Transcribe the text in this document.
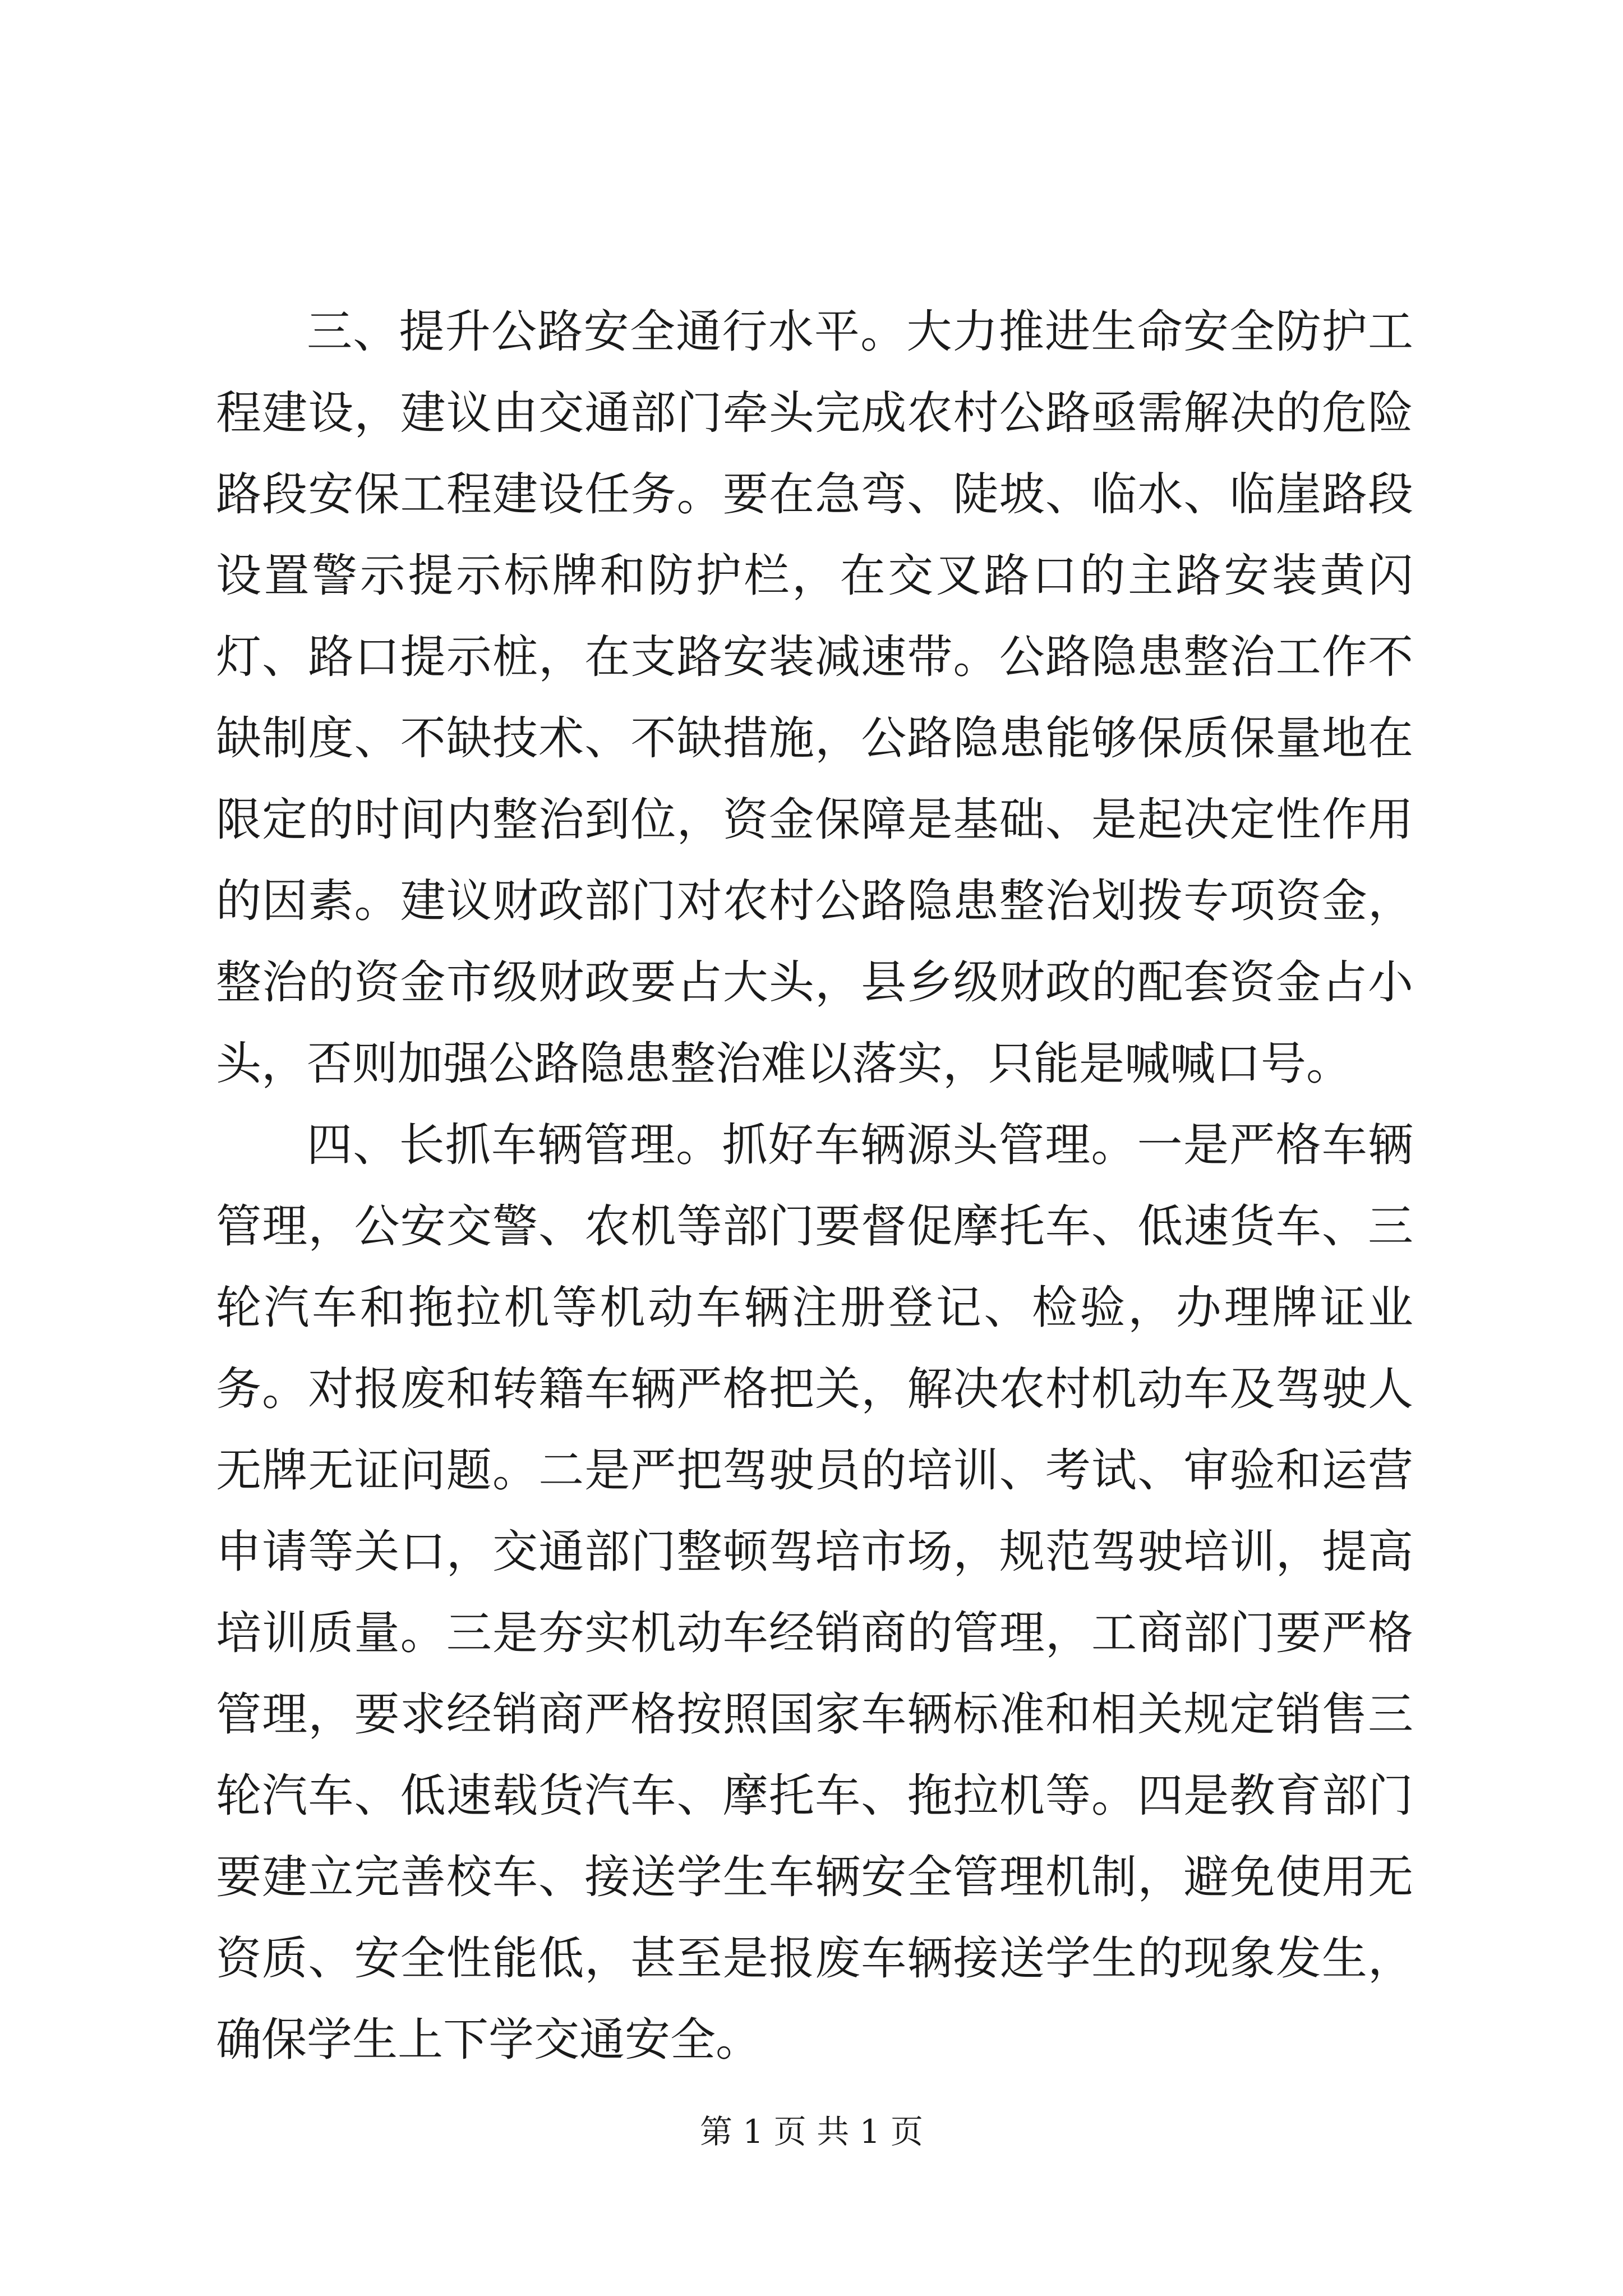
三、提升公路安全通行水平。大力推进生命安全防护工程建设，建议由交通部门牵头完成农村公路亟需解决的危险路段安保工程建设任务。要在急弯、陡坡、临水、临崖路段设置警示提示标牌和防护栏，在交叉路口的主路安装黄闪灯、路口提示桩，在支路安装减速带。公路隐患整治工作不缺制度、不缺技术、不缺措施，公路隐患能够保质保量地在限定的时间内整治到位，资金保障是基础、是起决定性作用的因素。建议财政部门对农村公路隐患整治划拨专项资金，整治的资金市级财政要占大头，县乡级财政的配套资金占小头，否则加强公路隐患整治难以落实，只能是喊喊口号。

四、长抓车辆管理。抓好车辆源头管理。一是严格车辆管理，公安交警、农机等部门要督促摩托车、低速货车、三轮汽车和拖拉机等机动车辆注册登记、检验，办理牌证业务。对报废和转籍车辆严格把关，解决农村机动车及驾驶人无牌无证问题。二是严把驾驶员的培训、考试、审验和运营申请等关口，交通部门整顿驾培市场，规范驾驶培训，提高培训质量。三是夯实机动车经销商的管理，工商部门要严格管理，要求经销商严格按照国家车辆标准和相关规定销售三轮汽车、低速载货汽车、摩托车、拖拉机等。四是教育部门要建立完善校车、接送学生车辆安全管理机制，避免使用无资质、安全性能低，甚至是报废车辆接送学生的现象发生，确保学生上下学交通安全。

第 1 页 共 1 页
